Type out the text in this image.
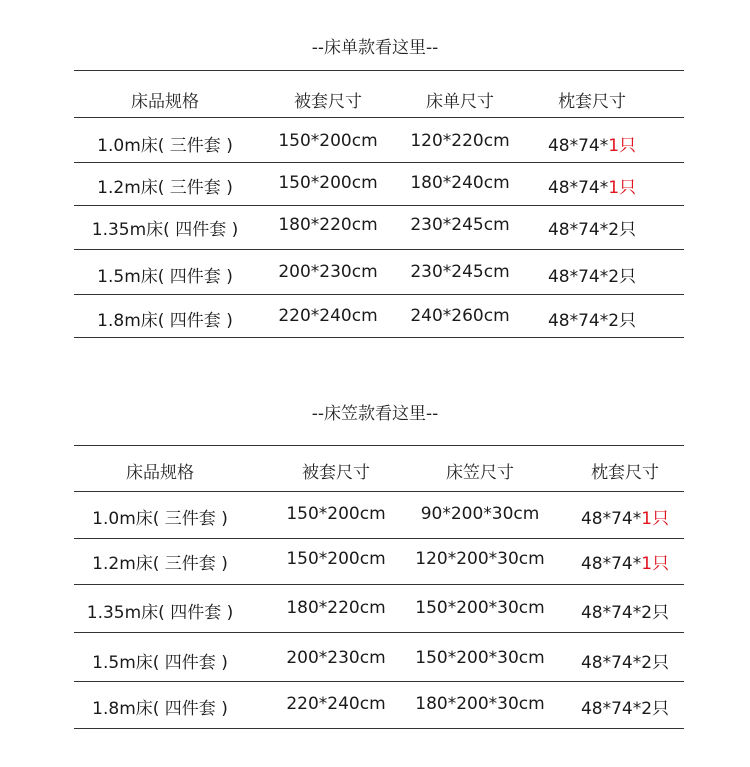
--床单款看这里--
床品规格	被套尺寸	床单尺寸	枕套尺寸
1.0m床( 三件套 )	150*200cm 120*220cm 48*74*1只
1.2m床( 三件套 )	150*200cm 180*240cm 48*74*1只
1.35m床( 四件套 ) 180*220cm 230*245cm 48*74*2只
1.5m床( 四件套 )	200*230cm 230*245cm 48*74*2只
1.8m床( 四件套 )	220*240cm 240*260cm 48*74*2只
--床笠款看这里--
床品规格	被套尺寸	床笠尺寸	枕套尺寸
1.0m床( 三件套 )	150*200cm 90*200*30cm 48*74*1只
1.2m床( 三件套 )	150*200cm 120*200*30cm 48*74*1只
1.35m床( 四件套 )	180*220cm 150*200*30cm 48*74*2只
1.5m床( 四件套 )	200*230cm 150*200*30cm 48*74*2只
1.8m床( 四件套 )	220*240cm 180*200*30cm 48*74*2只
